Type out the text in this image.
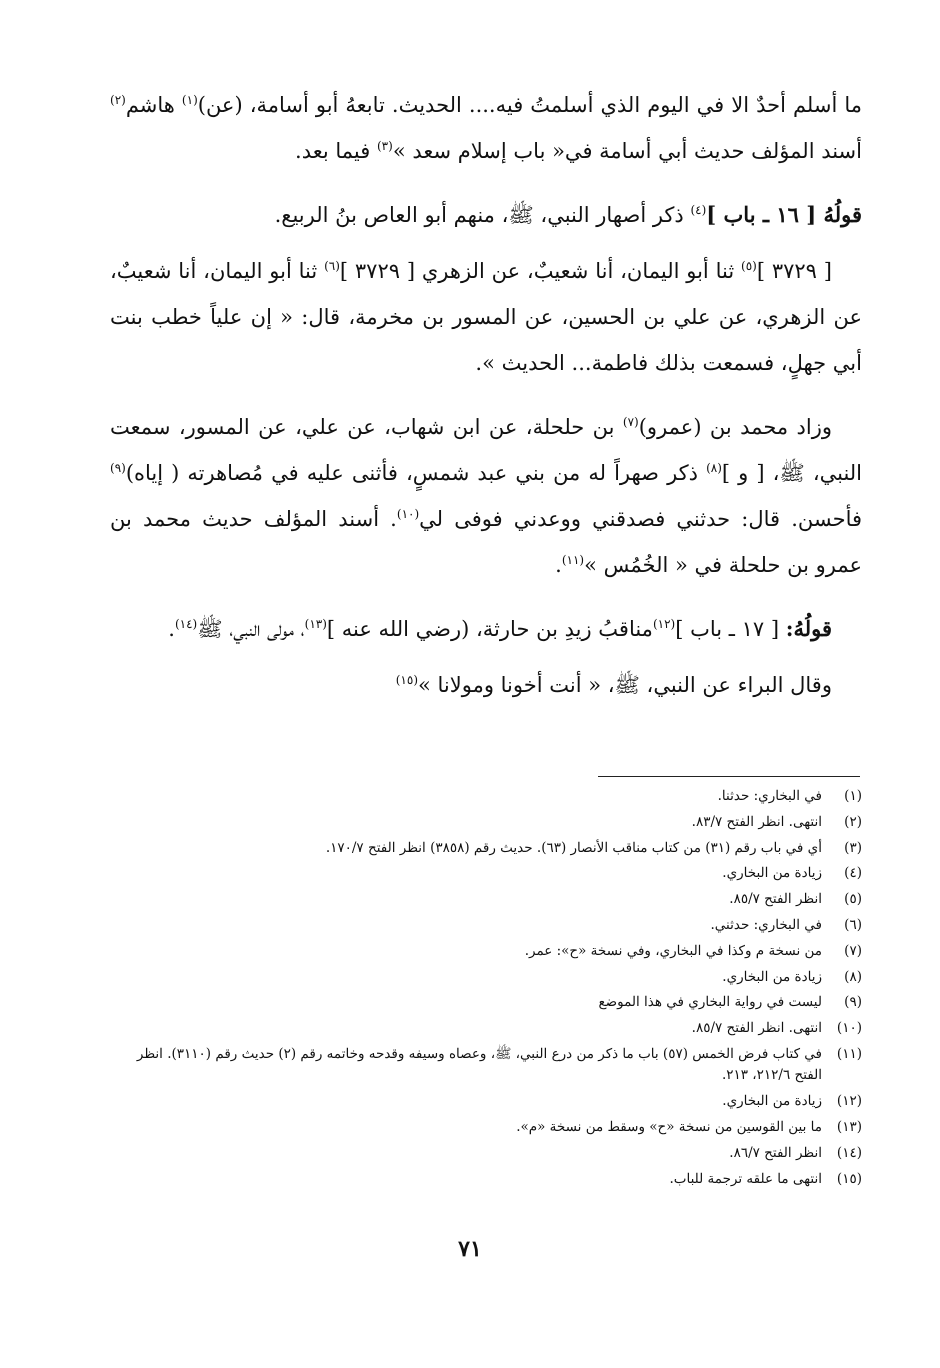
ما أسلم أحدٌ الا في اليوم الذي أسلمتُ فيه.... الحديث. تابعهُ أبو أسامة، (عن)$^{(١)}$ هاشم$^{(٢)}$ أسند المؤلف حديث أبي أسامة في« باب إسلام سعد »$^{(٣)}$ فيما بعد.

قولُهُ [ ١٦ ـ باب ]$^{(٤)}$ ذكر أصهار النبي، ﷺ، منهم أبو العاص بنُ الربيع.

[ ٣٧٢٩ ]$^{(٥)}$ ثنا أبو اليمان، أنا شعيبٌ، عن الزهري [ ٣٧٢٩ ]$^{(٦)}$ ثنا أبو اليمان، أنا شعيبٌ، عن الزهري، عن علي بن الحسين، عن المسور بن مخرمة، قال: « إن علياً خطب بنت أبي جهلٍ، فسمعت بذلك فاطمة... الحديث ».

وزاد محمد بن (عمرو)$^{(٧)}$ بن حلحلة، عن ابن شهاب، عن علي، عن المسور، سمعت النبي، ﷺ، [ و ]$^{(٨)}$ ذكر صهراً له من بني عبد شمسٍ، فأثنى عليه في مُصاهرته ( إياه)$^{(٩)}$ فأحسن. قال: حدثني فصدقني ووعدني فوفى لي$^{(١٠)}$. أسند المؤلف حديث محمد بن عمرو بن حلحلة في « الخُمُس »$^{(١١)}$.

قولُهُ: [ ١٧ ـ باب ]$^{(١٢)}$مناقبُ زيدِ بن حارثة، (رضي الله عنه ]$^{(١٣)}$، مولى النبي، ﷺ$^{(١٤)}$.

وقال البراء عن النبي، ﷺ، « أنت أخونا ومولانا »$^{(١٥)}$

(١)
في البخاري: حدثنا.
(٢)
انتهى. انظر الفتح ٨٣/٧.
(٣)
أي في باب رقم (٣١) من كتاب مناقب الأنصار (٦٣). حديث رقم (٣٨٥٨) انظر الفتح ١٧٠/٧.
(٤)
زيادة من البخاري.
(٥)
انظر الفتح ٨٥/٧.
(٦)
في البخاري: حدثني.
(٧)
من نسخة م وكذا في البخاري، وفي نسخة «ح»: عمر.
(٨)
زيادة من البخاري.
(٩)
ليست في رواية البخاري في هذا الموضع
(١٠)
انتهى. انظر الفتح ٨٥/٧.
(١١)
في كتاب فرض الخمس (٥٧) باب ما ذكر من درع النبي، ﷺ، وعصاه وسيفه وقدحه وخاتمه رقم (٢) حديث رقم (٣١١٠). انظر الفتح ٢١٢/٦، ٢١٣.
(١٢)
زيادة من البخاري.
(١٣)
ما بين القوسين من نسخة «ح» وسقط من نسخة «م».
(١٤)
انظر الفتح ٨٦/٧.
(١٥)
انتهى ما علقه ترجمة للباب.
٧١
